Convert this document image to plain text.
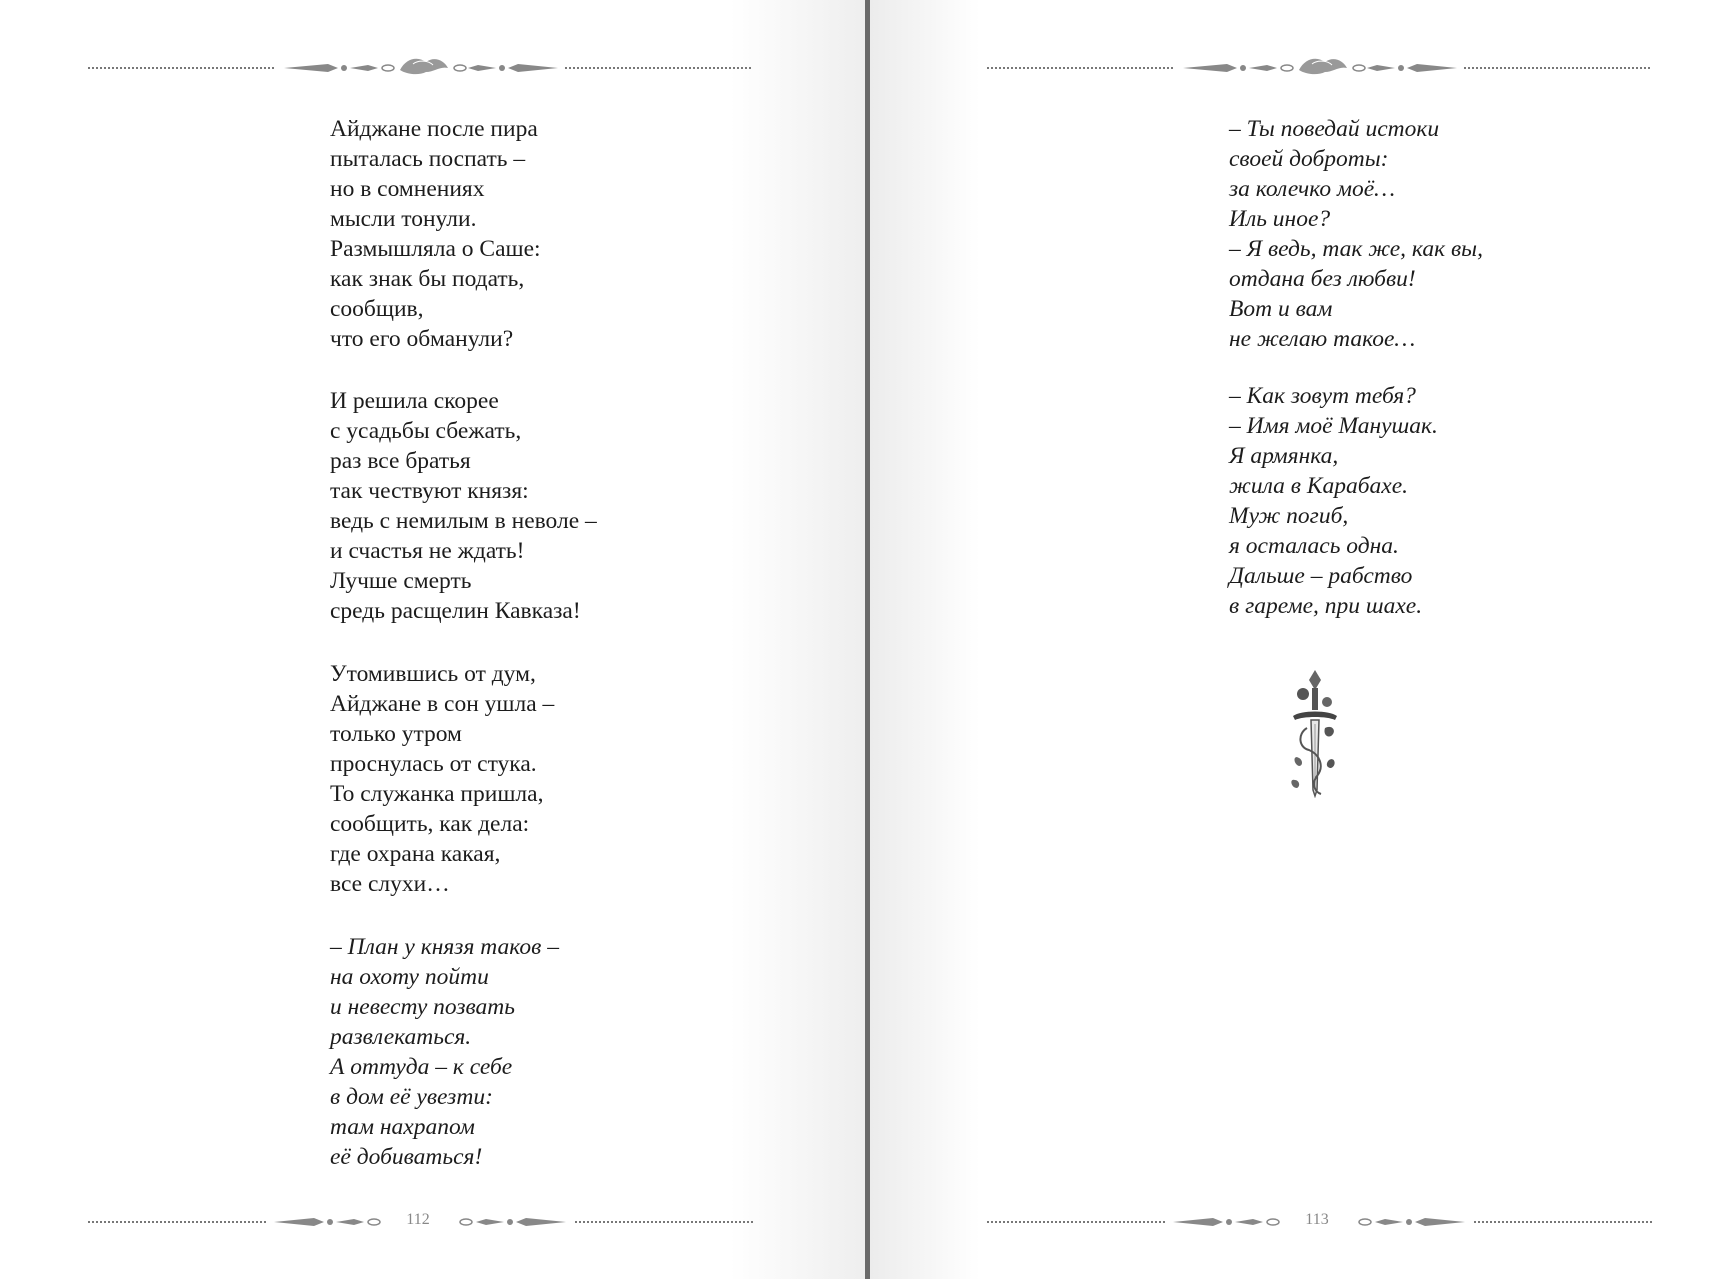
Айджане после пира
пыталась поспать –
но в сомнениях
мысли тонули.
Размышляла о Саше:
как знак бы подать,
сообщив,
что его обманули?
И решила скорее
с усадьбы сбежать,
раз все братья
так чествуют князя:
ведь с немилым в неволе –
и счастья не ждать!
Лучше смерть
средь расщелин Кавказа!
Утомившись от дум,
Айджане в сон ушла –
только утром
проснулась от стука.
То служанка пришла,
сообщить, как дела:
где охрана какая,
все слухи…
– План у князя таков –
на охоту пойти
и невесту позвать
развлекаться.
А оттуда – к себе
в дом её увезти:
там нахрапом
её добиваться!
– Ты поведай истоки
своей доброты:
за колечко моё…
Иль иное?
– Я ведь, так же, как вы,
отдана без любви!
Вот и вам
не желаю такое…
– Как зовут тебя?
– Имя моё Манушак.
Я армянка,
жила в Карабахе.
Муж погиб,
я осталась одна.
Дальше – рабство
в гареме, при шахе.
112	113
